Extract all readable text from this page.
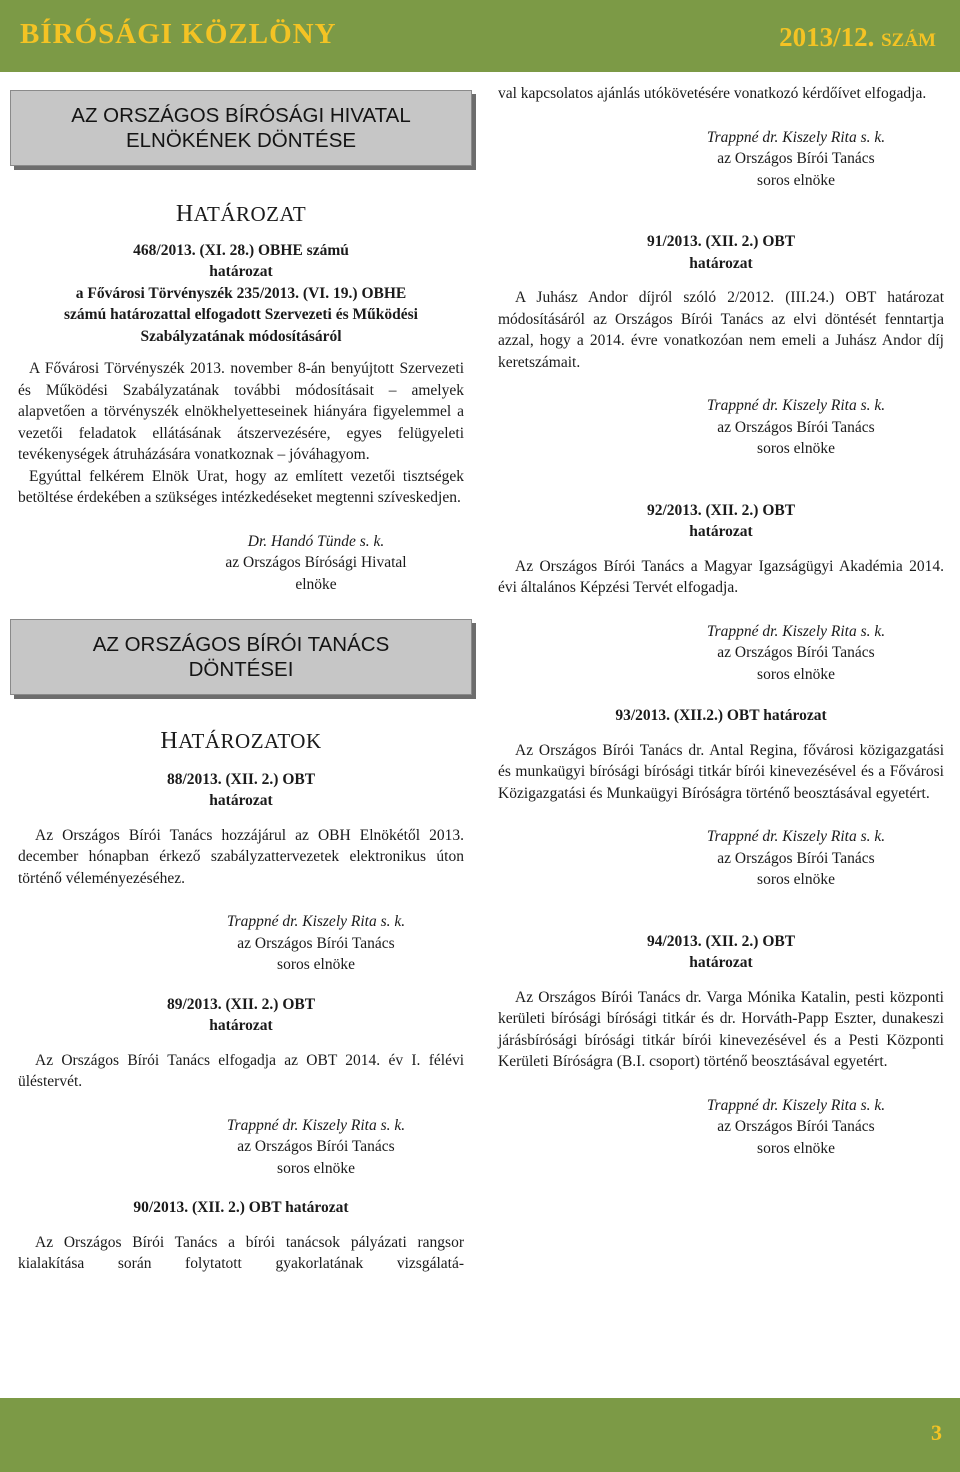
BÍRÓSÁGI KÖZLÖNY	2013/12. SZÁM
AZ ORSZÁGOS BÍRÓSÁGI HIVATAL
ELNÖKÉNEK DÖNTÉSE
HATÁROZAT
468/2013. (XI. 28.) OBHE számú
határozat
a Fővárosi Törvényszék 235/2013. (VI. 19.) OBHE
számú határozattal elfogadott Szervezeti és Működési
Szabályzatának módosításáról

A Fővárosi Törvényszék 2013. november 8-án benyújtott Szervezeti és Működési Szabályzatának további módosításait – amelyek alapvetően a törvényszék elnökhelyetteseinek hiányára figyelemmel a vezetői feladatok ellátásának átszervezésére, egyes felügyeleti tevékenységek átruházására vonatkoznak – jóváhagyom.

Egyúttal felkérem Elnök Urat, hogy az említett vezetői tisztségek betöltése érdekében a szükséges intézkedéseket megtenni szíveskedjen.

Dr. Handó Tünde s. k.
az Országos Bírósági Hivatal
elnöke
AZ ORSZÁGOS BÍRÓI TANÁCS
DÖNTÉSEI
HATÁROZATOK
88/2013. (XII. 2.) OBT
határozat

Az Országos Bírói Tanács hozzájárul az OBH Elnökétől 2013. december hónapban érkező szabályzattervezetek elektronikus úton történő véleményezéséhez.

Trappné dr. Kiszely Rita s. k.
az Országos Bírói Tanács
soros elnöke
89/2013. (XII. 2.) OBT
határozat

Az Országos Bírói Tanács elfogadja az OBT 2014. év I. félévi üléstervét.

Trappné dr. Kiszely Rita s. k.
az Országos Bírói Tanács
soros elnöke
90/2013. (XII. 2.) OBT határozat

Az Országos Bírói Tanács a bírói tanácsok pályázati rangsor kialakítása során folytatott gyakorlatának vizsgálatá-

val kapcsolatos ajánlás utókövetésére vonatkozó kérdőívet elfogadja.

Trappné dr. Kiszely Rita s. k.
az Országos Bírói Tanács
soros elnöke
91/2013. (XII. 2.) OBT
határozat

A Juhász Andor díjról szóló 2/2012. (III.24.) OBT határozat módosításáról az Országos Bírói Tanács az elvi döntését fenntartja azzal, hogy a 2014. évre vonatkozóan nem emeli a Juhász Andor díj keretszámait.

Trappné dr. Kiszely Rita s. k.
az Országos Bírói Tanács
soros elnöke
92/2013. (XII. 2.) OBT
határozat

Az Országos Bírói Tanács a Magyar Igazságügyi Akadémia 2014. évi általános Képzési Tervét elfogadja.

Trappné dr. Kiszely Rita s. k.
az Országos Bírói Tanács
soros elnöke
93/2013. (XII.2.) OBT határozat

Az Országos Bírói Tanács dr. Antal Regina, fővárosi közigazgatási és munkaügyi bírósági bírósági titkár bírói kinevezésével és a Fővárosi Közigazgatási és Munkaügyi Bíróságra történő beosztásával egyetért.

Trappné dr. Kiszely Rita s. k.
az Országos Bírói Tanács
soros elnöke
94/2013. (XII. 2.) OBT
határozat

Az Országos Bírói Tanács dr. Varga Mónika Katalin, pesti központi kerületi bírósági bírósági titkár és dr. Horváth-Papp Eszter, dunakeszi járásbírósági bírósági titkár bírói kinevezésével és a Pesti Központi Kerületi Bíróságra (B.I. csoport) történő beosztásával egyetért.

Trappné dr. Kiszely Rita s. k.
az Országos Bírói Tanács
soros elnöke
3
